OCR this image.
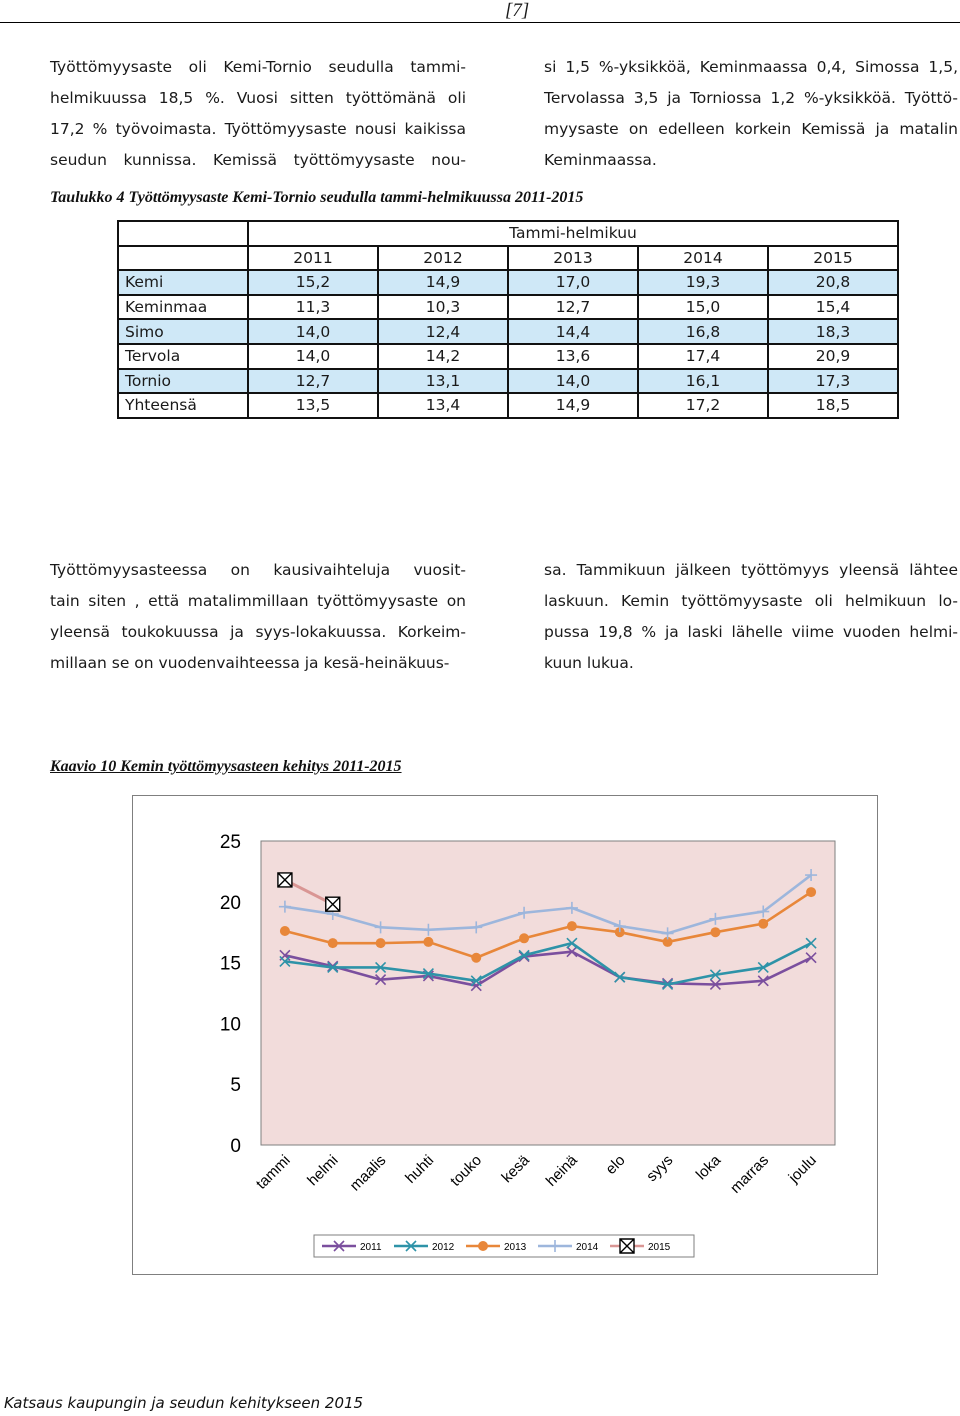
[7]
Työttömyysaste oli Kemi-Tornio seudulla tammi-
helmikuussa 18,5 %. Vuosi sitten työttömänä oli
17,2 % työvoimasta. Työttömyysaste nousi kaikissa
seudun kunnissa. Kemissä työttömyysaste nou-
si 1,5 %-yksikköä, Keminmaassa 0,4, Simossa 1,5,
Tervolassa 3,5 ja Torniossa 1,2 %-yksikköä. Työttö-
myysaste on edelleen korkein Kemissä ja matalin
Keminmaassa.
Taulukko 4 Työttömyysaste Kemi-Tornio seudulla tammi-helmikuussa 2011-2015
	Tammi-helmikuu				
	2011	2012	2013	2014	2015
Kemi	15,2	14,9	17,0	19,3	20,8
Keminmaa	11,3	10,3	12,7	15,0	15,4
Simo	14,0	12,4	14,4	16,8	18,3
Tervola	14,0	14,2	13,6	17,4	20,9
Tornio	12,7	13,1	14,0	16,1	17,3
Yhteensä	13,5	13,4	14,9	17,2	18,5
Työttömyysasteessa on kausivaihteluja vuosit-
tain siten , että matalimmillaan työttömyysaste on
yleensä toukokuussa ja syys-lokakuussa. Korkeim-
millaan se on vuodenvaihteessa ja kesä-heinäkuus-
sa. Tammikuun jälkeen työttömyys yleensä lähtee
laskuun. Kemin työttömyysaste oli helmikuun lo-
pussa 19,8 % ja laski lähelle viime vuoden helmi-
kuun lukua.
Kaavio 10 Kemin työttömyysasteen kehitys 2011-2015
0
5
10
15
20
25
tammi helmi maalis huhti touko kesä heinä elo syys loka marras joulu
2011	2012	2013	2014	2015
Katsaus kaupungin ja seudun kehitykseen 2015
